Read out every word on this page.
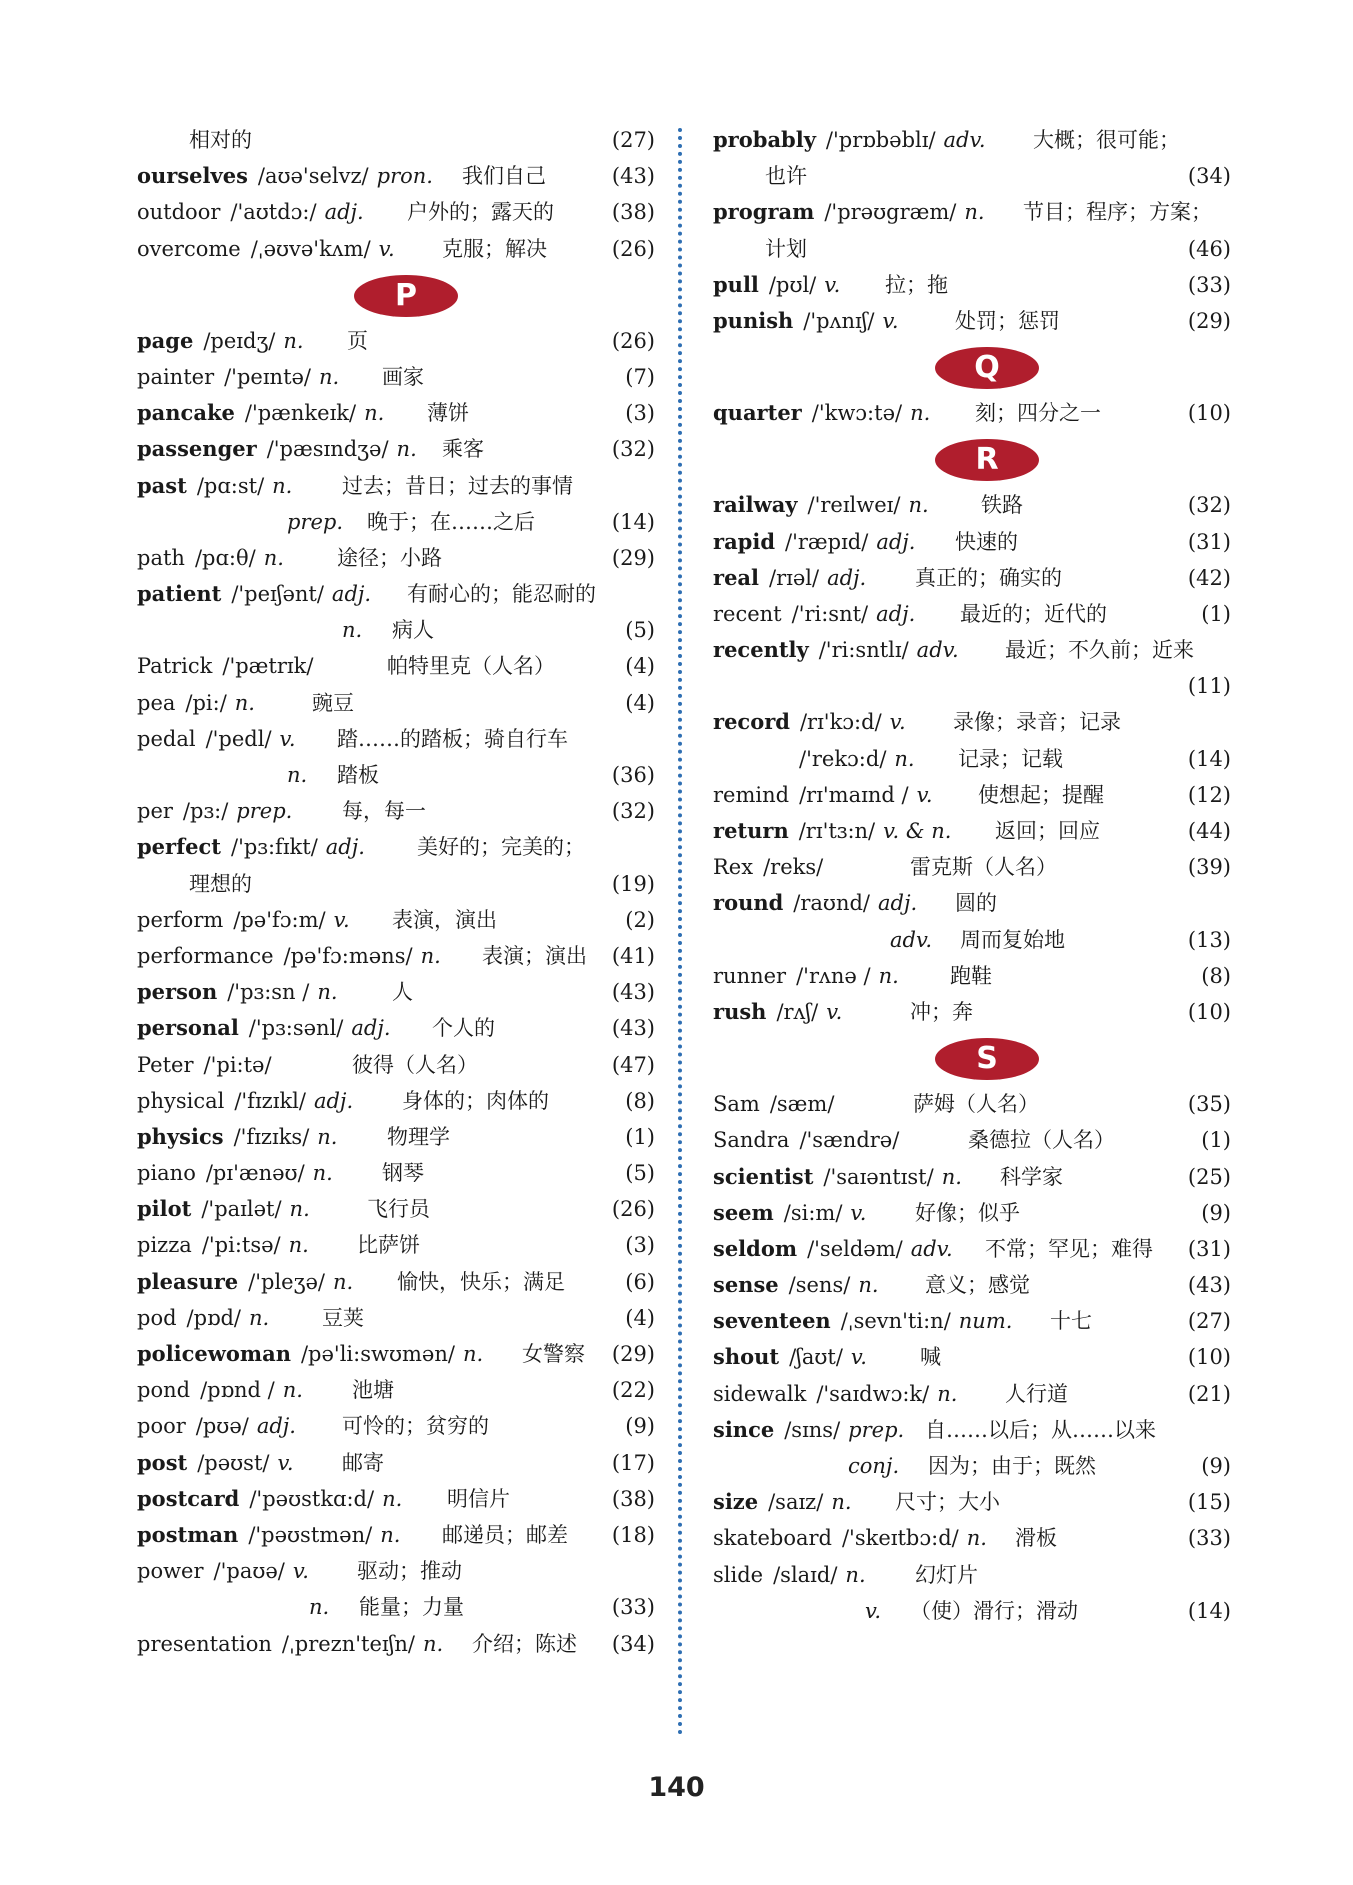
相对的	(27)
ourselves /aʊə'selvz/ pron. 我们自己	(43)
outdoor /'aʊtdɔ:/ adj. 户外的；露天的	(38)
overcome /ˌəʊvə'kʌm/ v. 克服；解决	(26)
P
page /peɪdʒ/ n. 页	(26)
painter /'peɪntə/ n. 画家	(7)
pancake /'pænkeɪk/ n. 薄饼	(3)
passenger /'pæsɪndʒə/ n. 乘客	(32)
past /pɑ:st/ n. 过去；昔日；过去的事情
prep. 晚于；在……之后	(14)
path /pɑ:θ/ n.	途径；小路	(29)
patient /'peɪʃənt/ adj. 有耐心的；能忍耐的
n. 病人	(5)
Patrick /'pætrɪk/	帕特里克（人名）	(4)
pea /pi:/ n.	豌豆	(4)
pedal /'pedl/ v. 踏……的踏板；骑自行车
n. 踏板	(36)
per /pɜ:/ prep. 每，每一	(32)
perfect /'pɜ:fɪkt/ adj. 美好的；完美的；
理想的	(19)
perform /pə'fɔ:m/ v. 表演，演出	(2)
performance /pə'fɔ:məns/ n. 表演；演出 (41)
person /'pɜ:sn / n.	人	(43)
personal /'pɜ:sənl/ adj. 个人的	(43)
Peter /'pi:tə/	彼得（人名）	(47)
physical /'fɪzɪkl/ adj. 身体的；肉体的	(8)
physics /'fɪzɪks/ n. 物理学	(1)
piano /pɪ'ænəʊ/ n. 钢琴	(5)
pilot /'paɪlət/ n.	飞行员	(26)
pizza /'pi:tsə/ n. 比萨饼	(3)
pleasure /'pleʒə/ n. 愉快，快乐；满足	(6)
pod /pɒd/ n.	豆荚	(4)
policewoman /pə'li:swʊmən/ n. 女警察 (29)
pond /pɒnd / n. 池塘	(22)
poor /pʊə/ adj. 可怜的；贫穷的	(9)
post /pəʊst/ v. 邮寄	(17)
postcard /'pəʊstkɑ:d/ n. 明信片	(38)
postman /'pəʊstmən/ n. 邮递员；邮差 (18)
power /'paʊə/ v. 驱动；推动
n. 能量；力量	(33)
presentation /ˌprezn'teɪʃn/ n. 介绍；陈述 (34)
probably /'prɒbəblɪ/ adv. 大概；很可能；
也许	(34)
program /'prəʊgræm/ n. 节目；程序；方案；
计划	(46)
pull /pʊl/ v. 拉；拖	(33)
punish /'pʌnɪʃ/ v.	处罚；惩罚	(29)
Q
quarter /'kwɔ:tə/ n. 刻；四分之一	(10)
R
railway /'reɪlweɪ/ n. 铁路	(32)
rapid /'ræpɪd/ adj. 快速的	(31)
real /rɪəl/ adj. 真正的；确实的	(42)
recent /'ri:snt/ adj. 最近的；近代的	(1)
recently /'ri:sntlɪ/ adv. 最近；不久前；近来
(11)
record /rɪ'kɔ:d/ v. 录像；录音；记录
/'rekɔ:d/ n. 记录；记载	(14)
remind /rɪ'maɪnd / v. 使想起；提醒	(12)
return /rɪ'tɜ:n/ v. & n. 返回；回应	(44)
Rex /reks/	雷克斯（人名）	(39)
round /raʊnd/ adj. 圆的
adv. 周而复始地	(13)
runner /'rʌnə / n. 跑鞋	(8)
rush /rʌʃ/ v.	冲；奔	(10)
S
Sam /sæm/	萨姆（人名）	(35)
Sandra /'sændrə/	桑德拉（人名）	(1)
scientist /'saɪəntɪst/ n. 科学家	(25)
seem /si:m/ v. 好像；似乎	(9)
seldom /'seldəm/ adv. 不常；罕见；难得 (31)
sense /sens/ n. 意义；感觉	(43)
seventeen /ˌsevn'ti:n/ num. 十七	(27)
shout /ʃaʊt/ v.	喊	(10)
sidewalk /'saɪdwɔ:k/ n. 人行道	(21)
since /sɪns/ prep. 自……以后；从……以来
conj. 因为；由于；既然	(9)
size /saɪz/ n. 尺寸；大小	(15)
skateboard /'skeɪtbɔ:d/ n. 滑板	(33)
slide /slaɪd/ n. 幻灯片
v. （使）滑行；滑动	(14)
140
